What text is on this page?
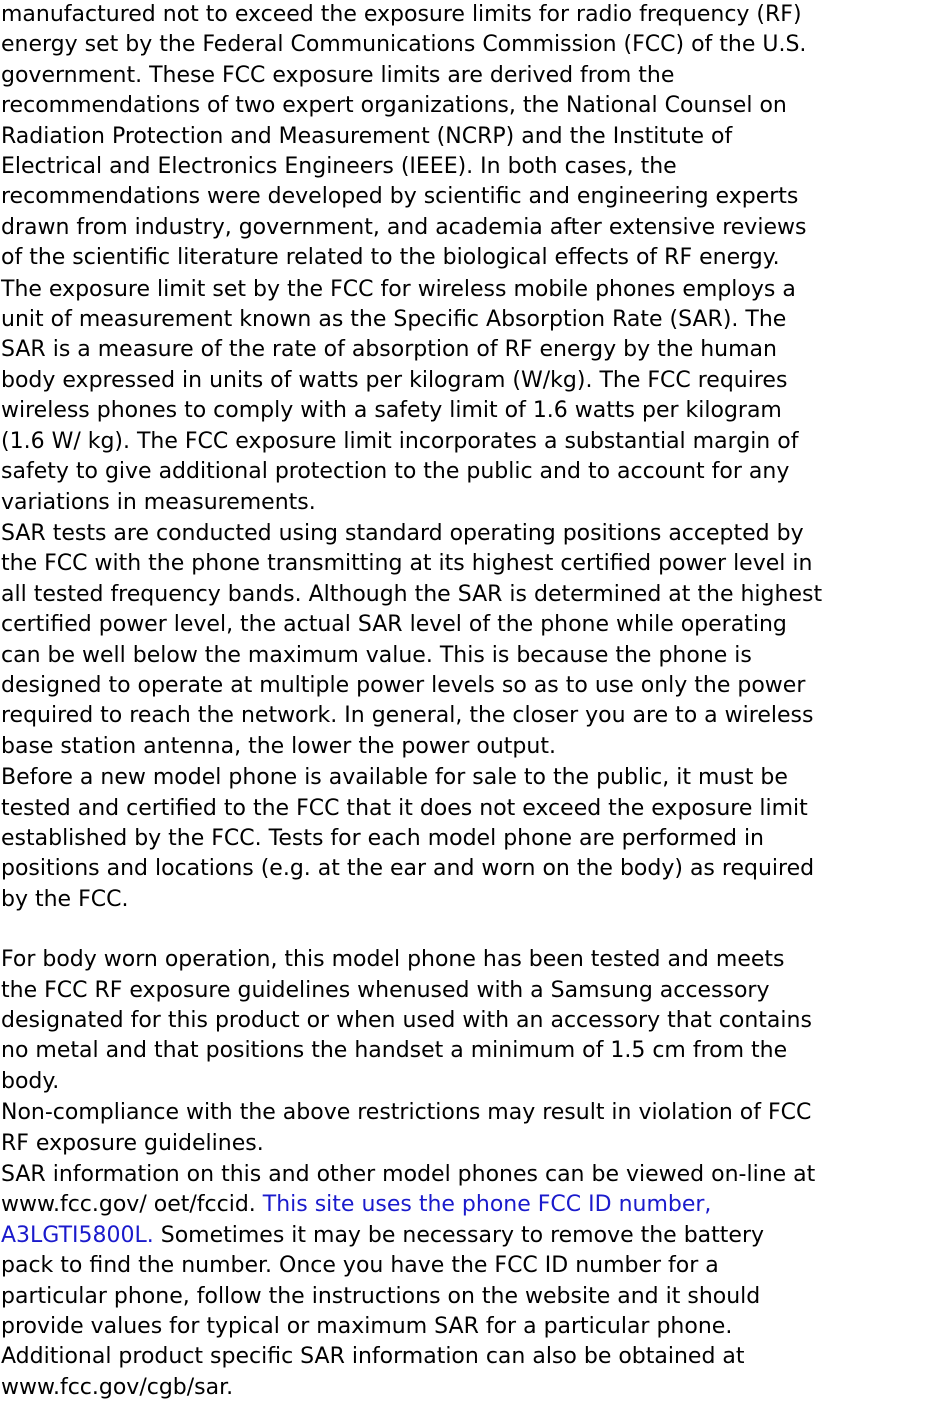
manufactured not to exceed the exposure limits for radio frequency (RF)

energy set by the Federal Communications Commission (FCC) of the U.S.

government. These FCC exposure limits are derived from the

recommendations of two expert organizations, the National Counsel on

Radiation Protection and Measurement (NCRP) and the Institute of

Electrical and Electronics Engineers (IEEE). In both cases, the

recommendations were developed by scientific and engineering experts

drawn from industry, government, and academia after extensive reviews

of the scientific literature related to the biological effects of RF energy.

The exposure limit set by the FCC for wireless mobile phones employs a

unit of measurement known as the Specific Absorption Rate (SAR). The

SAR is a measure of the rate of absorption of RF energy by the human

body expressed in units of watts per kilogram (W/kg). The FCC requires

wireless phones to comply with a safety limit of 1.6 watts per kilogram

(1.6 W/ kg). The FCC exposure limit incorporates a substantial margin of

safety to give additional protection to the public and to account for any

variations in measurements.

SAR tests are conducted using standard operating positions accepted by

the FCC with the phone transmitting at its highest certified power level in

all tested frequency bands. Although the SAR is determined at the highest

certified power level, the actual SAR level of the phone while operating

can be well below the maximum value. This is because the phone is

designed to operate at multiple power levels so as to use only the power

required to reach the network. In general, the closer you are to a wireless

base station antenna, the lower the power output.

Before a new model phone is available for sale to the public, it must be

tested and certified to the FCC that it does not exceed the exposure limit

established by the FCC. Tests for each model phone are performed in

positions and locations (e.g. at the ear and worn on the body) as required

by the FCC.

For body worn operation, this model phone has been tested and meets

the FCC RF exposure guidelines whenused with a Samsung accessory

designated for this product or when used with an accessory that contains

no metal and that positions the handset a minimum of 1.5 cm from the

body.

Non-compliance with the above restrictions may result in violation of FCC

RF exposure guidelines.

SAR information on this and other model phones can be viewed on-line at

www.fcc.gov/ oet/fccid. This site uses the phone FCC ID number,

A3LGTI5800L. Sometimes it may be necessary to remove the battery

pack to find the number. Once you have the FCC ID number for a

particular phone, follow the instructions on the website and it should

provide values for typical or maximum SAR for a particular phone.

Additional product specific SAR information can also be obtained at

www.fcc.gov/cgb/sar.
